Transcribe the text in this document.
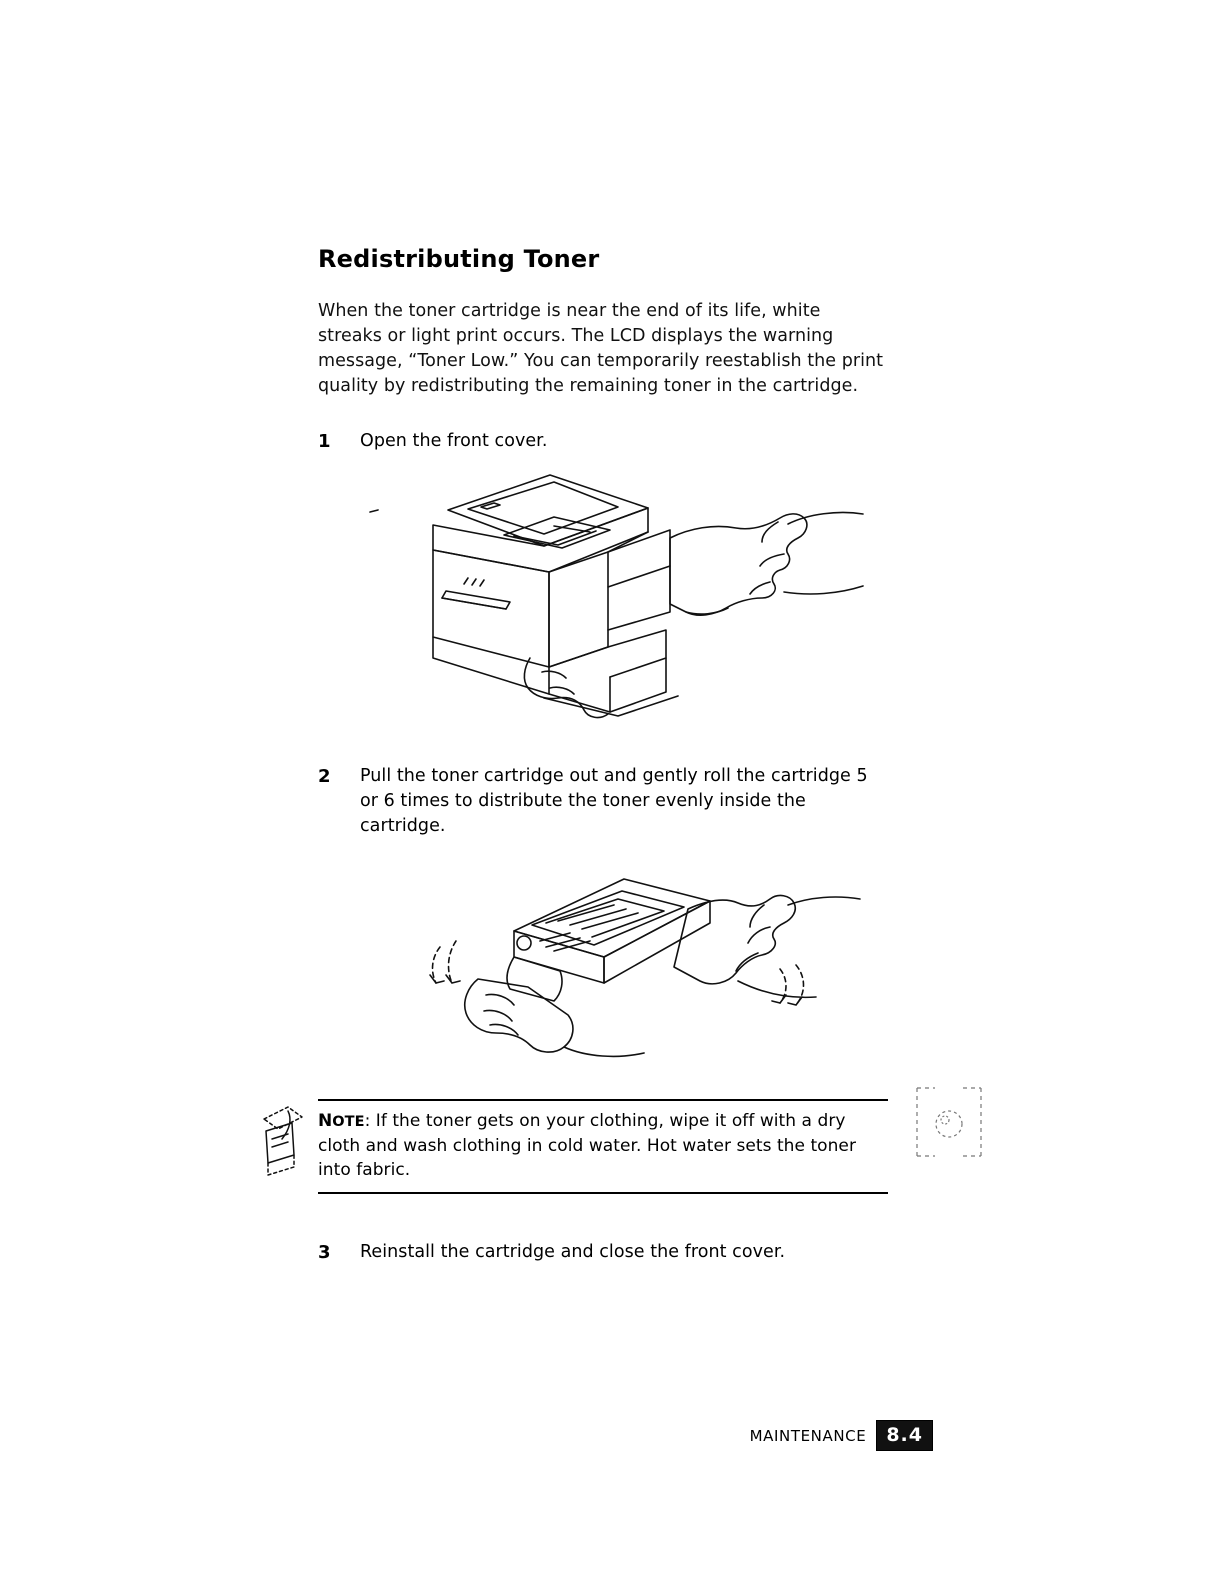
Redistributing Toner

When the toner cartridge is near the end of its life, white streaks or light print occurs. The LCD displays the warning message, “Toner Low.” You can temporarily reestablish the print quality by redistributing the remaining toner in the cartridge.

1	Open the front cover.
2	Pull the toner cartridge out and gently roll the cartridge 5 or 6 times to distribute the toner evenly inside the cartridge.
NOTE: If the toner gets on your clothing, wipe it off with a dry cloth and wash clothing in cold water. Hot water sets the toner into fabric.
3	Reinstall the cartridge and close the front cover.
MAINTENANCE	8.4
